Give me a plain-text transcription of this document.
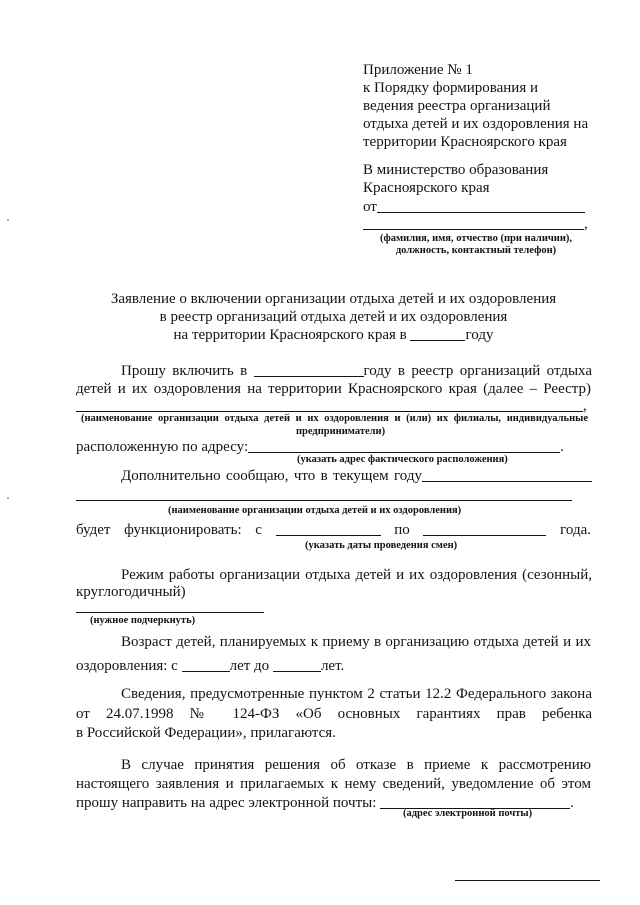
Приложение № 1
к Порядку формирования и
ведения реестра организаций
отдыха детей и их оздоровления на
территории Красноярского края
В министерство образования
Красноярского края
от
,
(фамилия, имя, отчество (при наличии),
должность, контактный телефон)
Заявление о включении организации отдыха детей и их оздоровления
в реестр организаций отдыха детей и их оздоровления
на территории Красноярского края в	году
Прошу включить в	году в реестр организаций отдыха
детей и их оздоровления на территории Красноярского края (далее – Реестр)
,
(наименование организации отдыха детей и их оздоровления и (или) их филиалы, индивидуальные
предприниматели)
расположенную по адресу:	.
(указать адрес фактического расположения)
Дополнительно сообщаю, что в текущем году
(наименование организации отдыха детей и их оздоровления)
будет функционировать: с	по	года.
(указать даты проведения смен)
Режим работы организации отдыха детей и их оздоровления (сезонный,
круглогодичный)
(нужное подчеркнуть)
Возраст детей, планируемых к приему в организацию отдыха детей и их
оздоровления: с	лет до	лет.
Сведения, предусмотренные пунктом 2 статьи 12.2 Федерального закона
от 24.07.1998 № 124-ФЗ «Об основных гарантиях прав ребенка
в Российской Федерации», прилагаются.
В случае принятия решения об отказе в приеме к рассмотрению
настоящего заявления и прилагаемых к нему сведений, уведомление об этом
прошу направить на адрес электронной почты:	.
(адрес электронной почты)
